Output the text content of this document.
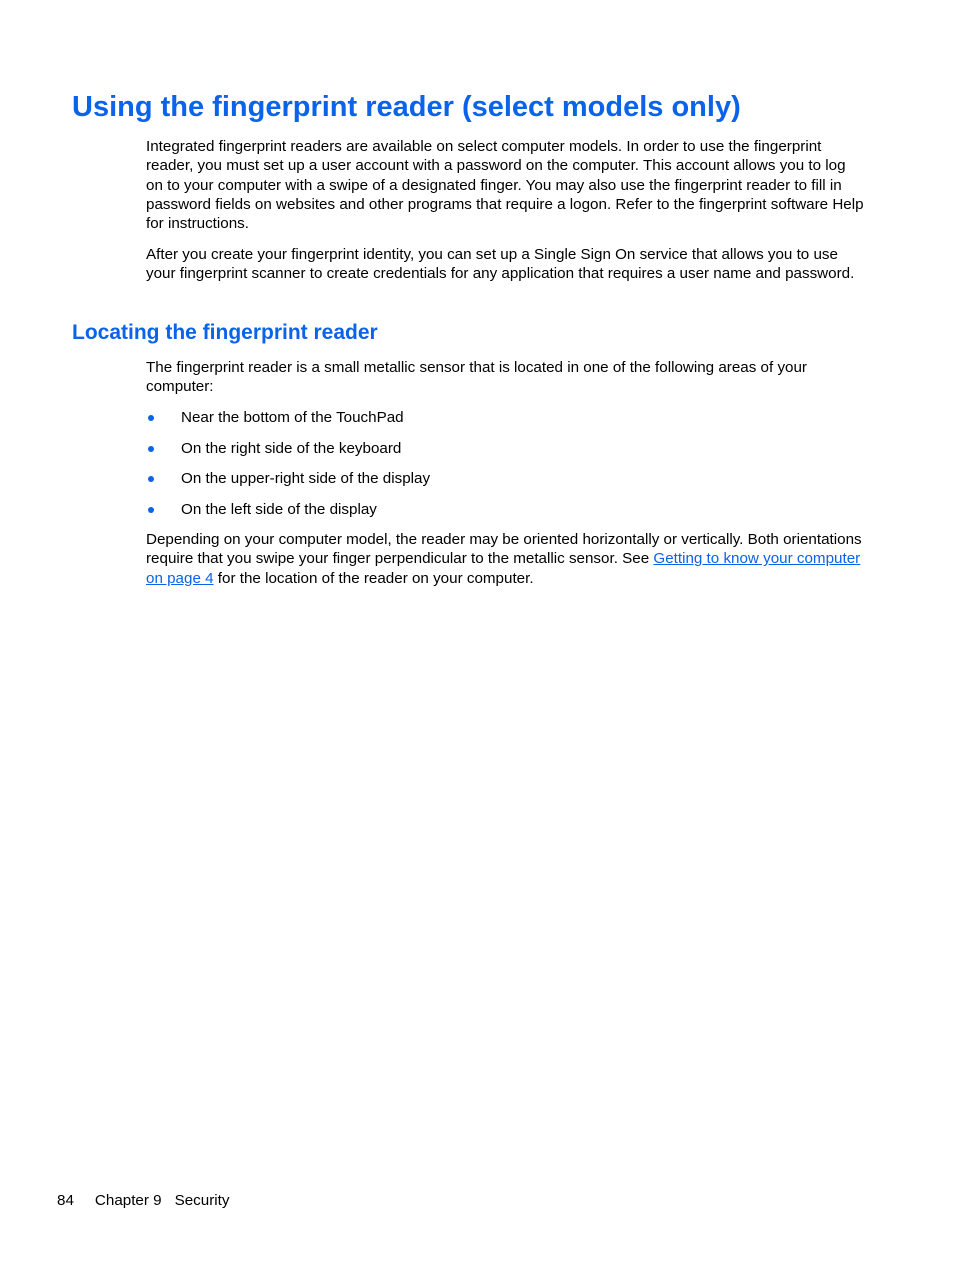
Using the fingerprint reader (select models only)

Integrated fingerprint readers are available on select computer models. In order to use the fingerprint reader, you must set up a user account with a password on the computer. This account allows you to log on to your computer with a swipe of a designated finger. You may also use the fingerprint reader to fill in password fields on websites and other programs that require a logon. Refer to the fingerprint software Help for instructions.

After you create your fingerprint identity, you can set up a Single Sign On service that allows you to use your fingerprint scanner to create credentials for any application that requires a user name and password.

Locating the fingerprint reader

The fingerprint reader is a small metallic sensor that is located in one of the following areas of your computer:

Near the bottom of the TouchPad
On the right side of the keyboard
On the upper-right side of the display
On the left side of the display

Depending on your computer model, the reader may be oriented horizontally or vertically. Both orientations require that you swipe your finger perpendicular to the metallic sensor. See Getting to know your computer on page 4 for the location of the reader on your computer.

84 Chapter 9 Security
